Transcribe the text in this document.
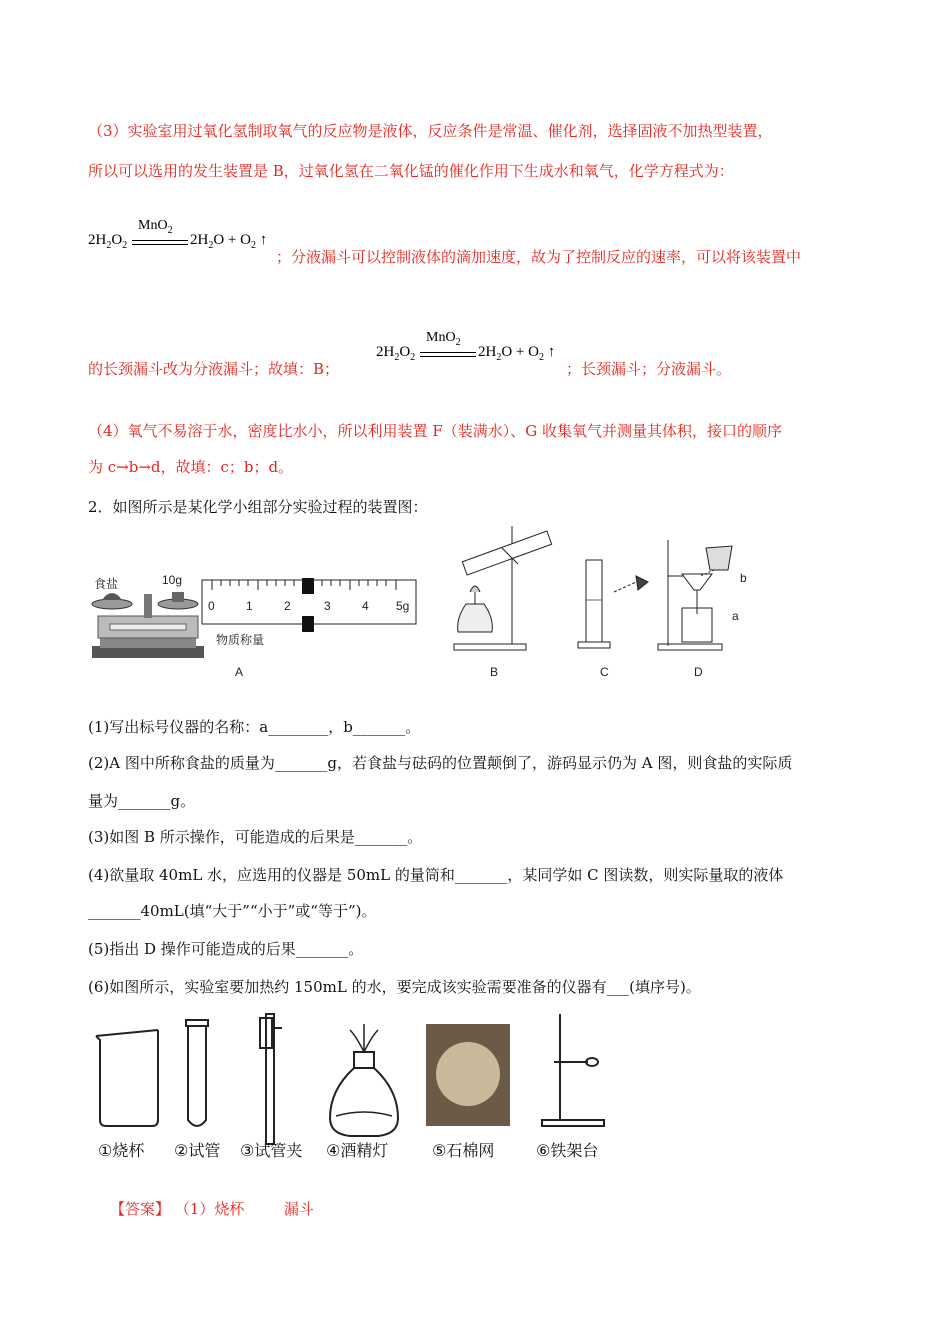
（3）实验室用过氧化氢制取氧气的反应物是液体，反应条件是常温、催化剂，选择固液不加热型装置，
所以可以选用的发生装置是 B，过氧化氢在二氧化锰的催化作用下生成水和氧气，化学方程式为：
MnO$_2$
$2H_2O_2$	$2H_2O + O_2$ ↑
；分液漏斗可以控制液体的滴加速度，故为了控制反应的速率，可以将该装置中
MnO$_2$
$2H_2O_2$	$2H_2O + O_2$ ↑
的长颈漏斗改为分液漏斗；故填：B；	；长颈漏斗；分液漏斗。
（4）氧气不易溶于水，密度比水小，所以利用装置 F（装满水）、G 收集氧气并测量其体积，接口的顺序
为 c→b→d，故填：c；b；d。
2．如图所示是某化学小组部分实验过程的装置图：
食盐	10g
0	1	2	3	4 5g
物质称量
A	B	C
b
a
D
(1)写出标号仪器的名称：a________，b_______。
(2)A 图中所称食盐的质量为_______g，若食盐与砝码的位置颠倒了，游码显示仍为 A 图，则食盐的实际质
量为_______g。
(3)如图 B 所示操作，可能造成的后果是_______。
(4)欲量取 40mL 水，应选用的仪器是 50mL 的量筒和_______，某同学如 C 图读数，则实际量取的液体
_______40mL(填“大于”“小于”或“等于”)。
(5)指出 D 操作可能造成的后果_______。
(6)如图所示，实验室要加热约 150mL 的水，要完成该实验需要准备的仪器有___(填序号)。
①烧杯 ②试管 ③试管夹 ④酒精灯	⑤石棉网	⑥铁架台
【答案】 （1）烧杯	漏斗
